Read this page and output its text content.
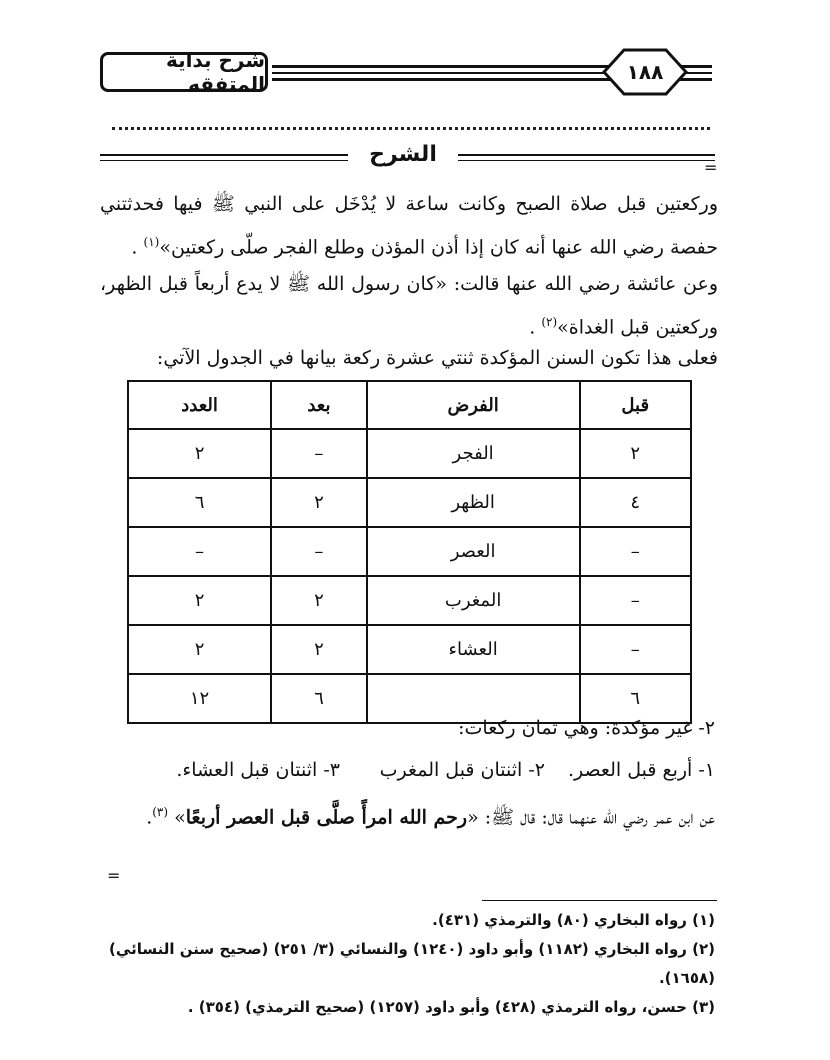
شرح بداية المتفقه	١٨٨
الشرح
=
وركعتين قبل صلاة الصبح وكانت ساعة لا يُدْخَل على النبي ﷺ فيها فحدثتني حفصة رضي الله عنها أنه كان إذا أذن المؤذن وطلع الفجر صلّى ركعتين»$^{(١)}$ .
وعن عائشة رضي الله عنها قالت: «كان رسول الله ﷺ لا يدع أربعاً قبل الظهر، وركعتين قبل الغداة»$^{(٢)}$ .
فعلى هذا تكون السنن المؤكدة ثنتي عشرة ركعة بيانها في الجدول الآتي:
قبل	الفرض	بعد	العدد
٢	الفجر	–	٢
٤	الظهر	٢	٦
–	العصر	–	–
–	المغرب	٢	٢
–	العشاء	٢	٢
٦		٦	١٢
٢- غير مؤكدة: وهي ثمان ركعات:
١- أربع قبل العصر.
٢- اثنتان قبل المغرب
٣- اثنتان قبل العشاء.
عن ابن عمر رضي الله عنهما قال: قال ﷺ: «رحم الله امرأً صلَّى قبل العصر أربعًا» $^{(٣)}$.
=
(١) رواه البخاري (٨٠) والترمذي (٤٣١).
(٢) رواه البخاري (١١٨٢) وأبو داود (١٢٤٠) والنسائي (٣/ ٢٥١) (صحيح سنن النسائي) (١٦٥٨).
(٣) حسن، رواه الترمذي (٤٢٨) وأبو داود (١٢٥٧) (صحيح الترمذي) (٣٥٤) .
